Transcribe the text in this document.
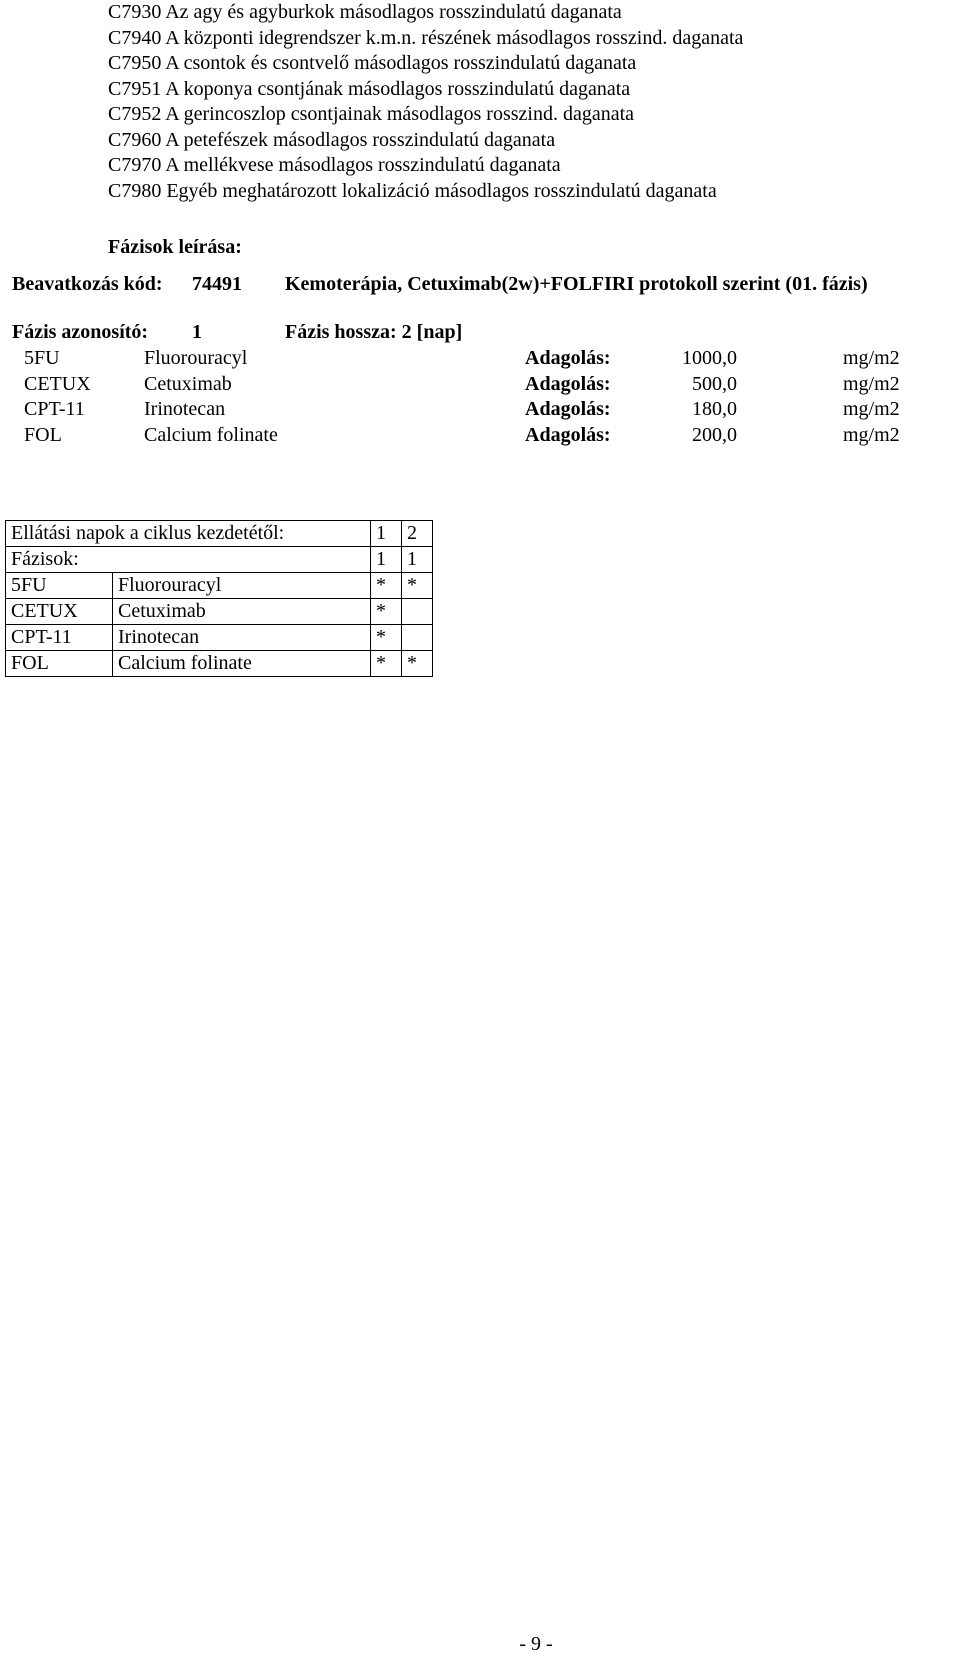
C7930 Az agy és agyburkok másodlagos rosszindulatú daganata
C7940 A központi idegrendszer k.m.n. részének másodlagos rosszind. daganata
C7950 A csontok és csontvelő másodlagos rosszindulatú daganata
C7951 A koponya csontjának másodlagos rosszindulatú daganata
C7952 A gerincoszlop csontjainak másodlagos rosszind. daganata
C7960 A petefészek másodlagos rosszindulatú daganata
C7970 A mellékvese másodlagos rosszindulatú daganata
C7980 Egyéb meghatározott lokalizáció másodlagos rosszindulatú daganata
Fázisok leírása:
Beavatkozás kód: 74491 Kemoterápia, Cetuximab(2w)+FOLFIRI protokoll szerint (01. fázis)
Fázis azonosító: 1	Fázis hossza: 2 [nap]
5FU	Fluorouracyl	Adagolás:	1000,0	mg/m2
CETUX	Cetuximab	Adagolás:	500,0	mg/m2
CPT-11	Irinotecan	Adagolás:	180,0	mg/m2
FOL	Calcium folinate	Adagolás:	200,0	mg/m2
Ellátási napok a ciklus kezdetétől:		1	2
Fázisok:		1	1
5FU	Fluorouracyl	*	*
CETUX	Cetuximab	*	
CPT-11	Irinotecan	*	
FOL	Calcium folinate	*	*
- 9 -
